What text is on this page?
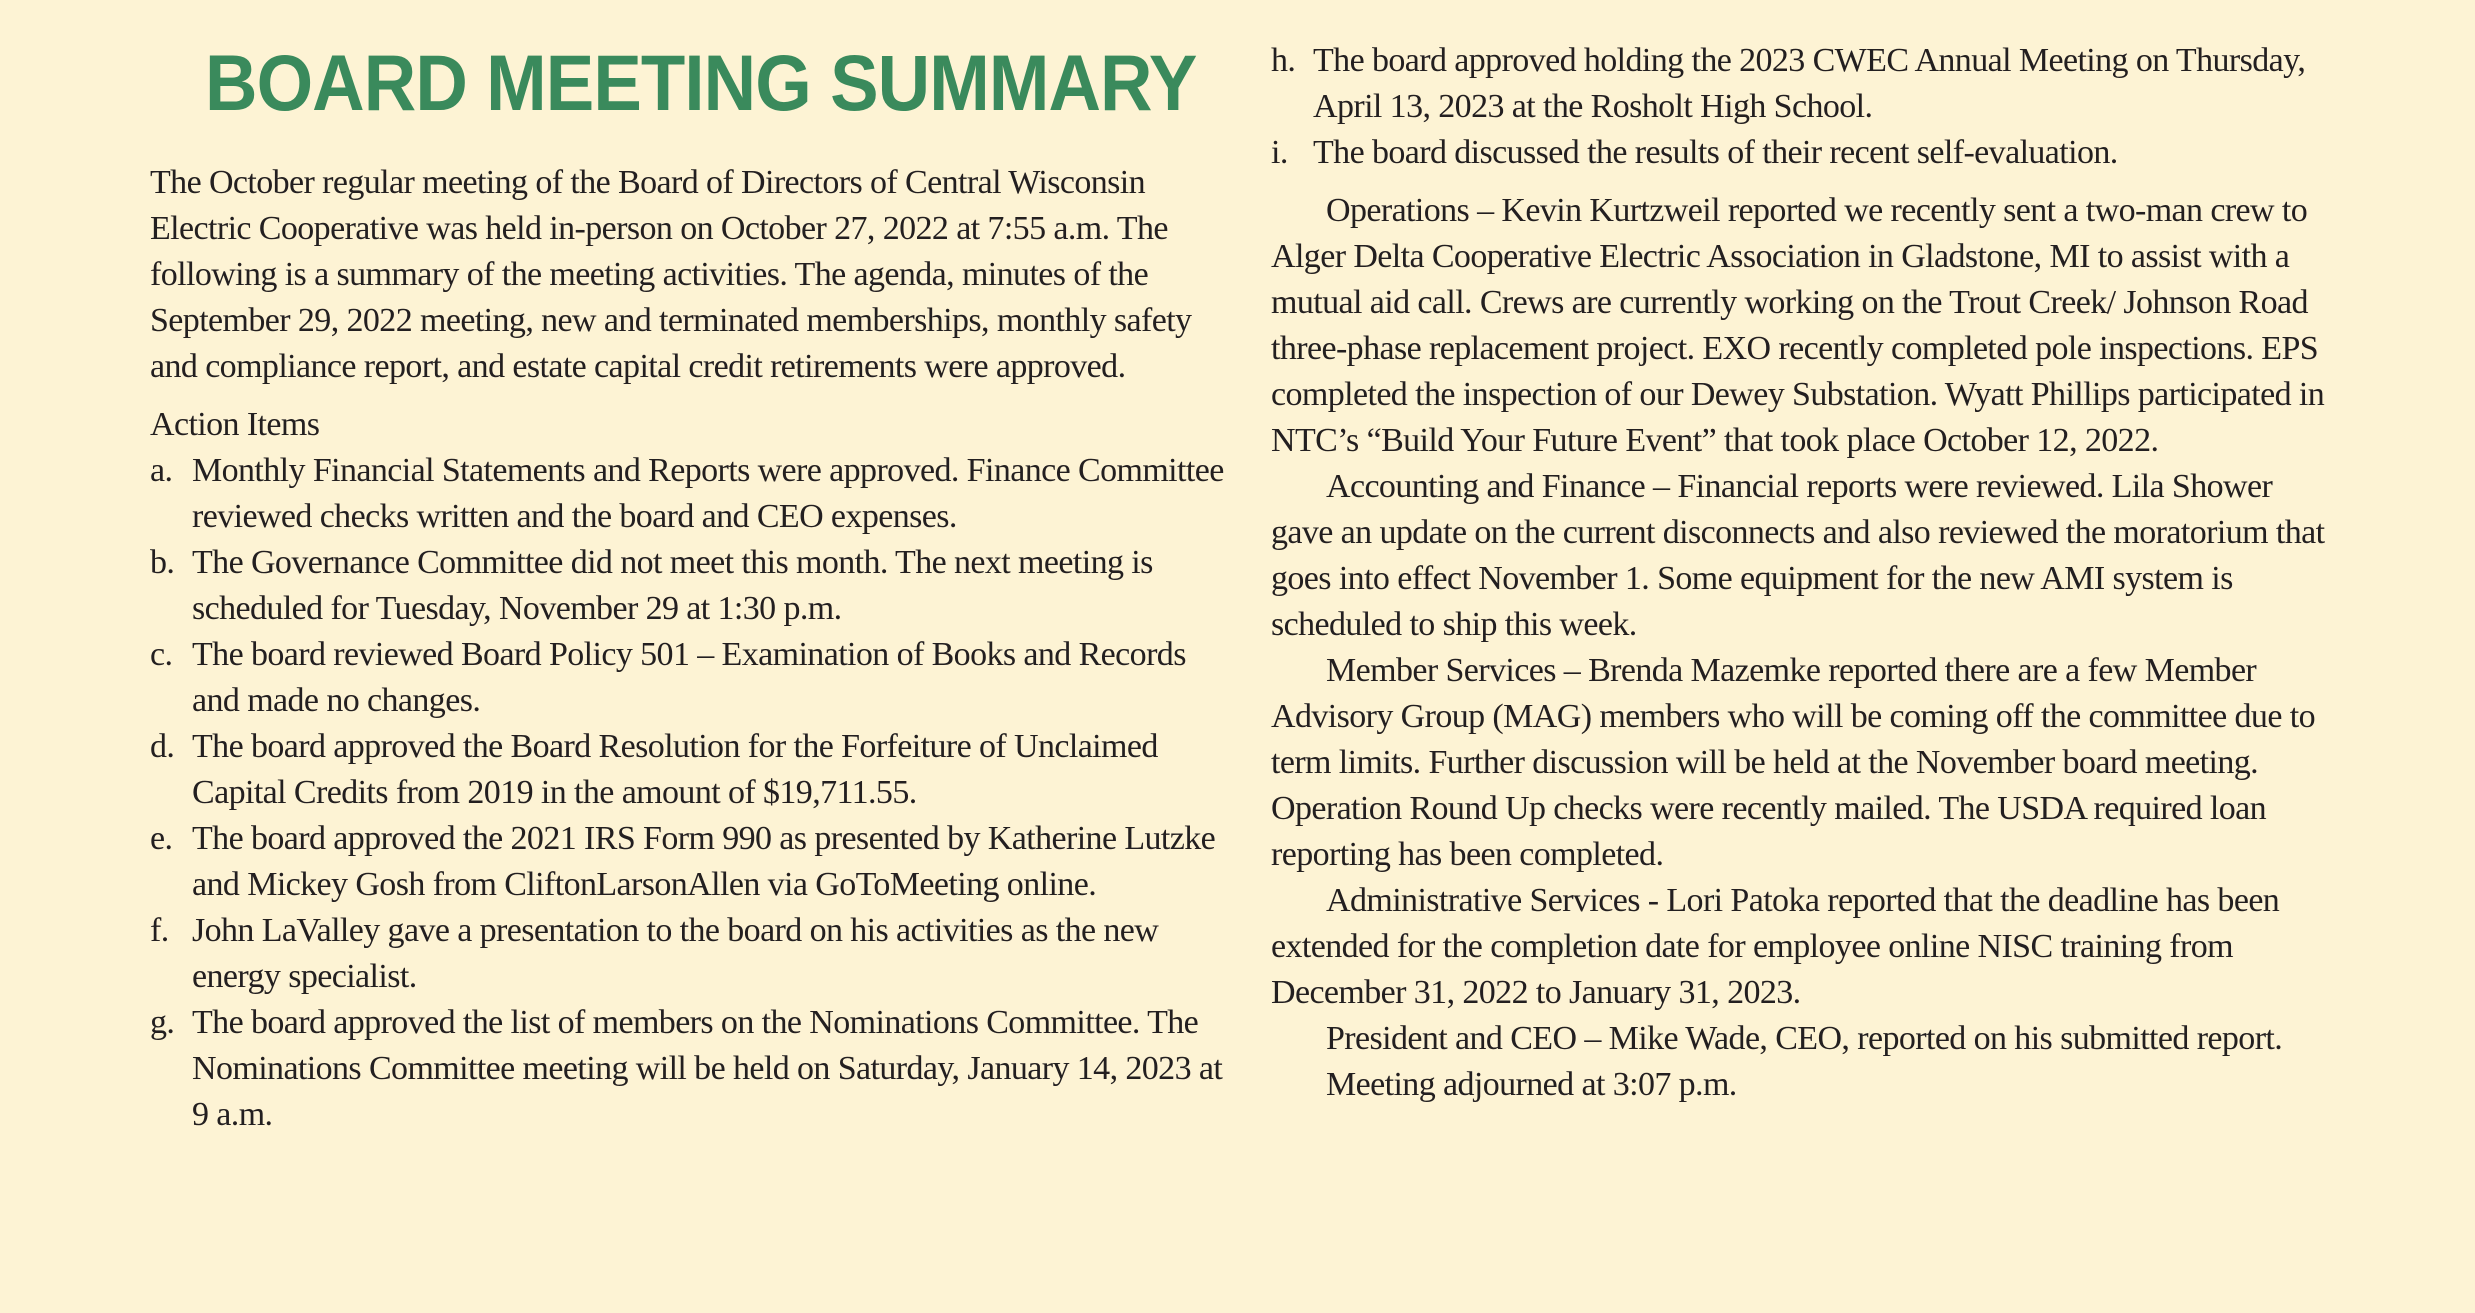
BOARD MEETING SUMMARY

The October regular meeting of the Board of Directors of Central Wisconsin Electric Cooperative was held in-person on October 27, 2022 at 7:55 a.m. The following is a summary of the meeting activities. The agenda, minutes of the September 29, 2022 meeting, new and terminated memberships, monthly safety and compliance report, and estate capital credit retirements were approved.

Action Items

a. Monthly Financial Statements and Reports were approved. Finance Committee reviewed checks written and the board and CEO expenses.
b. The Governance Committee did not meet this month. The next meeting is scheduled for Tuesday, November 29 at 1:30 p.m.
c. The board reviewed Board Policy 501 – Examination of Books and Records and made no changes.
d. The board approved the Board Resolution for the Forfeiture of Unclaimed Capital Credits from 2019 in the amount of $19,711.55.
e. The board approved the 2021 IRS Form 990 as presented by Katherine Lutzke and Mickey Gosh from CliftonLarsonAllen via GoToMeeting online.
f. John LaValley gave a presentation to the board on his activities as the new energy specialist.
g. The board approved the list of members on the Nominations Committee. The Nominations Committee meeting will be held on Saturday, January 14, 2023 at 9 a.m.
h. The board approved holding the 2023 CWEC Annual Meeting on Thursday, April 13, 2023 at the Rosholt High School.
i. The board discussed the results of their recent self-evaluation.

Operations – Kevin Kurtzweil reported we recently sent a two-man crew to Alger Delta Cooperative Electric Association in Gladstone, MI to assist with a mutual aid call. Crews are currently working on the Trout Creek/ Johnson Road three-phase replacement project. EXO recently completed pole inspections. EPS completed the inspection of our Dewey Substation. Wyatt Phillips participated in NTC’s “Build Your Future Event” that took place October 12, 2022.

Accounting and Finance – Financial reports were reviewed. Lila Shower gave an update on the current disconnects and also reviewed the moratorium that goes into effect November 1. Some equipment for the new AMI system is scheduled to ship this week.

Member Services – Brenda Mazemke reported there are a few Member Advisory Group (MAG) members who will be coming off the committee due to term limits. Further discussion will be held at the November board meeting. Operation Round Up checks were recently mailed. The USDA required loan reporting has been completed.

Administrative Services - Lori Patoka reported that the deadline has been extended for the completion date for employee online NISC training from December 31, 2022 to January 31, 2023.

President and CEO – Mike Wade, CEO, reported on his submitted report.

Meeting adjourned at 3:07 p.m.
